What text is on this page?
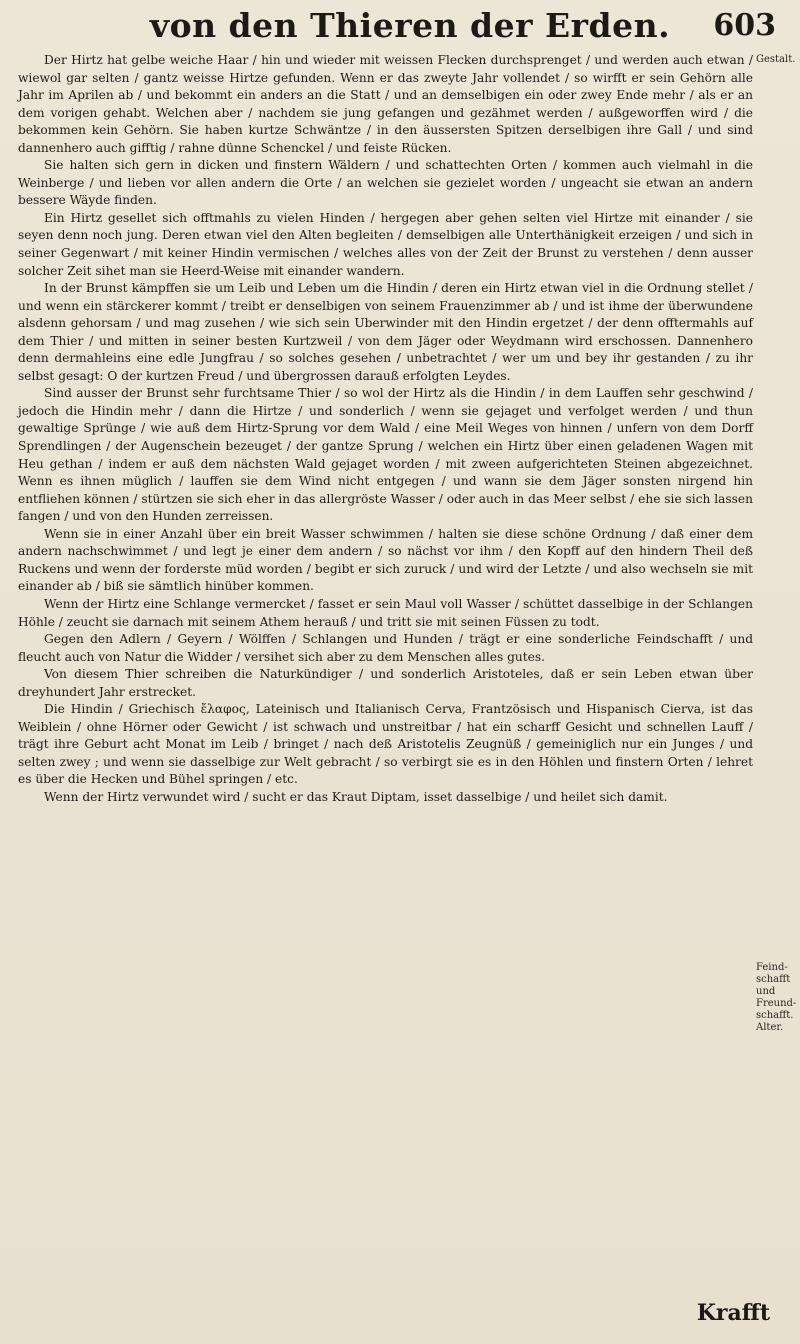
von den Thieren der Erden.	603

Der Hirtz hat gelbe weiche Haar / hin und wieder mit weissen Flecken durchsprenget / und werden auch etwan / wiewol gar selten / gantz weisse Hirtze gefunden. Wenn er das zweyte Jahr vollendet / so wirfft er sein Gehörn alle Jahr im Aprilen ab / und bekommt ein anders an die Statt / und an demselbigen ein oder zwey Ende mehr / als er an dem vorigen gehabt. Welchen aber / nachdem sie jung gefangen und gezähmet werden / außgeworffen wird / die bekommen kein Gehörn. Sie haben kurtze Schwäntze / in den äussersten Spitzen derselbigen ihre Gall / und sind dannenhero auch gifftig / rahne dünne Schenckel / und feiste Rücken.

Sie halten sich gern in dicken und finstern Wäldern / und schattechten Orten / kommen auch vielmahl in die Weinberge / und lieben vor allen andern die Orte / an welchen sie gezielet worden / ungeacht sie etwan an andern bessere Wäyde finden.

Ein Hirtz gesellet sich offtmahls zu vielen Hinden / hergegen aber gehen selten viel Hirtze mit einander / sie seyen denn noch jung. Deren etwan viel den Alten begleiten / demselbigen alle Unterthänigkeit erzeigen / und sich in seiner Gegenwart / mit keiner Hindin vermischen / welches alles von der Zeit der Brunst zu verstehen / denn ausser solcher Zeit sihet man sie Heerd-Weise mit einander wandern.

In der Brunst kämpffen sie um Leib und Leben um die Hindin / deren ein Hirtz etwan viel in die Ordnung stellet / und wenn ein stärckerer kommt / treibt er denselbigen von seinem Frauenzimmer ab / und ist ihme der überwundene alsdenn gehorsam / und mag zusehen / wie sich sein Uberwinder mit den Hindin ergetzet / der denn offtermahls auf dem Thier / und mitten in seiner besten Kurtzweil / von dem Jäger oder Weydmann wird erschossen. Dannenhero denn dermahleins eine edle Jungfrau / so solches gesehen / unbetrachtet / wer um und bey ihr gestanden / zu ihr selbst gesagt: O der kurtzen Freud / und übergrossen darauß erfolgten Leydes.

Sind ausser der Brunst sehr furchtsame Thier / so wol der Hirtz als die Hindin / in dem Lauffen sehr geschwind / jedoch die Hindin mehr / dann die Hirtze / und sonderlich / wenn sie gejaget und verfolget werden / und thun gewaltige Sprünge / wie auß dem Hirtz-Sprung vor dem Wald / eine Meil Weges von hinnen / unfern von dem Dorff Sprendlingen / der Augenschein bezeuget / der gantze Sprung / welchen ein Hirtz über einen geladenen Wagen mit Heu gethan / indem er auß dem nächsten Wald gejaget worden / mit zween aufgerichteten Steinen abgezeichnet. Wenn es ihnen müglich / lauffen sie dem Wind nicht entgegen / und wann sie dem Jäger sonsten nirgend hin entfliehen können / stürtzen sie sich eher in das allergröste Wasser / oder auch in das Meer selbst / ehe sie sich lassen fangen / und von den Hunden zerreissen.

Wenn sie in einer Anzahl über ein breit Wasser schwimmen / halten sie diese schöne Ordnung / daß einer dem andern nachschwimmet / und legt je einer dem andern / so nächst vor ihm / den Kopff auf den hindern Theil deß Ruckens und wenn der forderste müd worden / begibt er sich zuruck / und wird der Letzte / und also wechseln sie mit einander ab / biß sie sämtlich hinüber kommen.

Wenn der Hirtz eine Schlange vermercket / fasset er sein Maul voll Wasser / schüttet dasselbige in der Schlangen Höhle / zeucht sie darnach mit seinem Athem herauß / und tritt sie mit seinen Füssen zu todt.

Gegen den Adlern / Geyern / Wölffen / Schlangen und Hunden / trägt er eine sonderliche Feindschafft / und fleucht auch von Natur die Widder / versihet sich aber zu dem Menschen alles gutes.

Von diesem Thier schreiben die Naturkündiger / und sonderlich Aristoteles, daß er sein Leben etwan über dreyhundert Jahr erstrecket.

Die Hindin / Griechisch ἔλαφος, Lateinisch und Italianisch Cerva, Frantzösisch und Hispanisch Cierva, ist das Weiblein / ohne Hörner oder Gewicht / ist schwach und unstreitbar / hat ein scharff Gesicht und schnellen Lauff / trägt ihre Geburt acht Monat im Leib / bringet / nach deß Aristotelis Zeugnüß / gemeiniglich nur ein Junges / und selten zwey ; und wenn sie dasselbige zur Welt gebracht / so verbirgt sie es in den Höhlen und finstern Orten / lehret es über die Hecken und Bühel springen / etc.

Wenn der Hirtz verwundet wird / sucht er das Kraut Diptam, isset dasselbige / und heilet sich damit.

Gestalt.
Feind-schafft und
Freund-schafft. Alter.
Krafft
